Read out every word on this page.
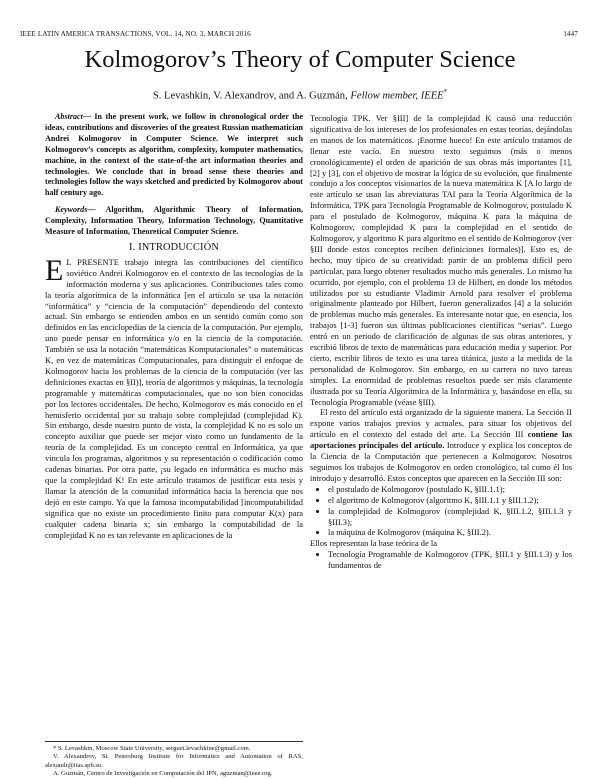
IEEE LATIN AMERICA TRANSACTIONS, VOL. 14, NO. 3, MARCH 2016	1447
Kolmogorov’s Theory of Computer Science
S. Levashkin, V. Alexandrov, and A. Guzmán, Fellow member, IEEE*

Abstract— In the present work, we follow in chronological order the ideas, contributions and discoveries of the greatest Russian mathematician Andrei Kolmogorov in Computer Science. We interpret such Kolmogorov’s concepts as algorithm, complexity, komputer mathematics, machine, in the context of the state-of-the art information theories and technologies. We conclude that in broad sense these theories and technologies follow the ways sketched and predicted by Kolmogorov about half century ago.

Keywords— Algorithm, Algorithmic Theory of Information, Complexity, Information Theory, Information Technology, Quantitative Measure of Information, Theoretical Computer Science.

I. INTRODUCCIÓN

EL PRESENTE trabajo integra las contribuciones del científico soviético Andrei Kolmogorov en el contexto de las tecnologías de la información moderna y sus aplicaciones. Contribuciones tales como la teoría algorítmica de la informática [en el artículo se usa la notación “informática” y “ciencia de la computación” dependiendo del contexto actual. Sin embargo se entienden ambos en un sentido común como son definidos en las enciclopedias de la ciencia de la computación. Por ejemplo, uno puede pensar en informática y/o en la ciencia de la computación. También se usa la notación “matemáticas Komputacionales” o matemáticas K, en vez de matemáticas Computacionales, para distinguir el enfoque de Kolmogorov hacia los problemas de la ciencia de la computación (ver las definiciones exactas en §II)], teoría de algoritmos y máquinas, la tecnología programable y matemáticas computacionales, que no son bien conocidas por los lectores occidentales. De hecho, Kolmogorov es más conocido en el hemisferio occidental por su trabajo sobre complejidad (complejidad K). Sin embargo, desde nuestro punto de vista, la complejidad K no es solo un concepto auxiliar que puede ser mejor visto como un fundamento de la teoría de la complejidad. Es un concepto central en Informática, ya que vincula los programas, algoritmos y su representación o codificación como cadenas binarias. Por otra parte, ¡su legado en informática es mucho más que la complejidad K! En este artículo tratamos de justificar esta tesis y llamar la atención de la comunidad informática hacia la herencia que nos dejó en este campo. Ya que la famosa incomputabilidad [incomputabilidad significa que no existe un procedimiento finito para computar K(x) para cualquier cadena binaria x; sin embargo la computabilidad de la complejidad K no es tan relevante en aplicaciones de la

* S. Levashkin, Moscow State University, sergueï.levachkine@gmail.com.

V. Alexandrov, St. Petersburg Institute for Informatics and Automation of RAS, alexandr@iias.spb.su.

A. Guzmán, Centro de Investigación en Computación del IPN, aguzman@ieee.org.

Tecnología TPK. Ver §III] de la complejidad K causó una reducción significativa de los intereses de los profesionales en estas teorías, dejándolas en manos de los matemáticos. ¡Enorme hueco! En este artículo tratamos de llenar este vacío. En nuestro texto seguimos (más o menos cronológicamente) el orden de aparición de sus obras más importantes [1], [2] y [3], con el objetivo de mostrar la lógica de su evolución, que finalmente condujo a los conceptos visionarios de la nueva matemática K [A lo largo de este artículo se usan las abreviaturas TAI para la Teoría Algorítmica de la Informática, TPK para Tecnología Programable de Kolmogorov, postulado K para el postulado de Kolmogorov, máquina K para la máquina de Kolmogorov, complejidad K para la complejidad en el sentido de Kolmogorov, y algoritmo K para algoritmo en el sentido de Kolmogorov (ver §III donde estos conceptos reciben definiciones formales)]. Esto es, de hecho, muy típico de su creatividad: partir de un problema difícil pero particular, para luego obtener resultados mucho más generales. Lo mismo ha ocurrido, por ejemplo, con el problema 13 de Hilbert, en donde los métodos utilizados por su estudiante Vladimir Arnold para resolver el problema originalmente planteado por Hilbert, fueron generalizados [4] a la solución de problemas mucho más generales. Es interesante notar que, en esencia, los trabajos [1-3] fueron sus últimas publicaciones científicas “serias”. Luego entró en un periodo de clarificación de algunas de sus obras anteriores, y escribió libros de texto de matemáticas para educación media y superior. Por cierto, escribir libros de texto es una tarea titánica, justo a la medida de la personalidad de Kolmogorov. Sin embargo, en su carrera no tuvo tareas simples. La enormidad de problemas resueltos puede ser más claramente ilustrada por su Teoría Algorítmica de la Informática y, basándose en ella, su Tecnología Programable (véase §III).

El resto del artículo está organizado de la siguiente manera. La Sección II expone varios trabajos previos y actuales, para situar los objetivos del artículo en el contexto del estado del arte. La Sección III contiene las aportaciones principales del artículo. Introduce y explica los conceptos de la Ciencia de la Computación que pertenecen a Kolmogorov. Nosotros seguimos los trabajos de Kolmogorov en orden cronológico, tal como él los introdujo y desarrolló. Estos conceptos que aparecen en la Sección III son:

• el postulado de Kolmogorov (postulado K, §III.1.1);
• el algoritmo de Kolmogorov (algoritmo K, §III.1.1 y §III.1.2);
• la complejidad de Kolmogorov (complejidad K, §III.1.2, §III.1.3 y §III.3);
• la máquina de Kolmogorov (máquina K, §III.2).

Ellos representan la base teórica de la

• Tecnología Programable de Kolmogorov (TPK, §III.1 y §III.1.3) y los fundamentos de
